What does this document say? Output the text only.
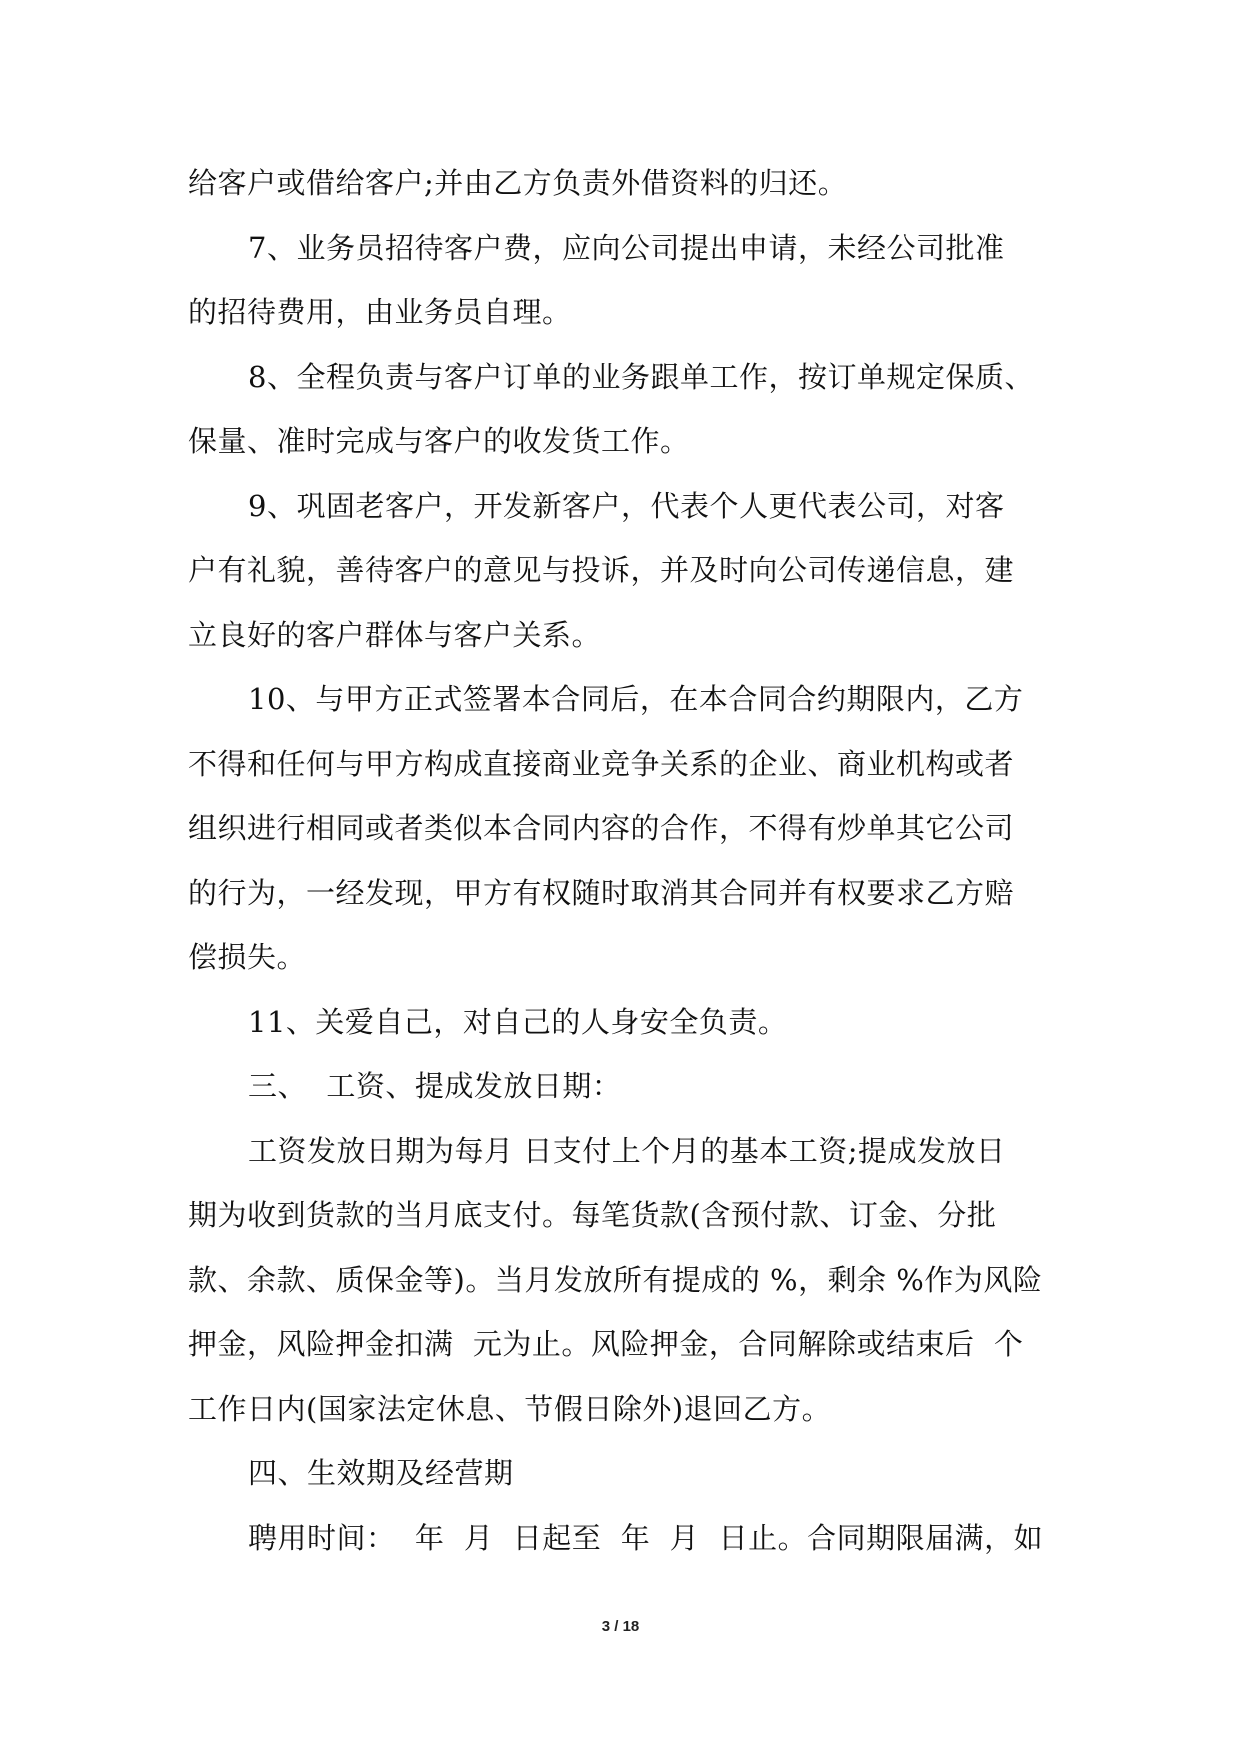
给客户或借给客户;并由乙方负责外借资料的归还。
7、业务员招待客户费，应向公司提出申请，未经公司批准
的招待费用，由业务员自理。
8、全程负责与客户订单的业务跟单工作，按订单规定保质、
保量、准时完成与客户的收发货工作。
9、巩固老客户，开发新客户，代表个人更代表公司，对客
户有礼貌，善待客户的意见与投诉，并及时向公司传递信息，建
立良好的客户群体与客户关系。
10、与甲方正式签署本合同后，在本合同合约期限内，乙方
不得和任何与甲方构成直接商业竞争关系的企业、商业机构或者
组织进行相同或者类似本合同内容的合作，不得有炒单其它公司
的行为，一经发现，甲方有权随时取消其合同并有权要求乙方赔
偿损失。
11、关爱自己，对自己的人身安全负责。
三、  工资、提成发放日期：
工资发放日期为每月 日支付上个月的基本工资;提成发放日
期为收到货款的当月底支付。每笔货款(含预付款、订金、分批
款、余款、质保金等)。当月发放所有提成的 %，剩余 %作为风险
押金，风险押金扣满  元为止。风险押金，合同解除或结束后  个
工作日内(国家法定休息、节假日除外)退回乙方。
四、生效期及经营期
聘用时间：  年  月  日起至  年  月  日止。合同期限届满，如
3 / 18
